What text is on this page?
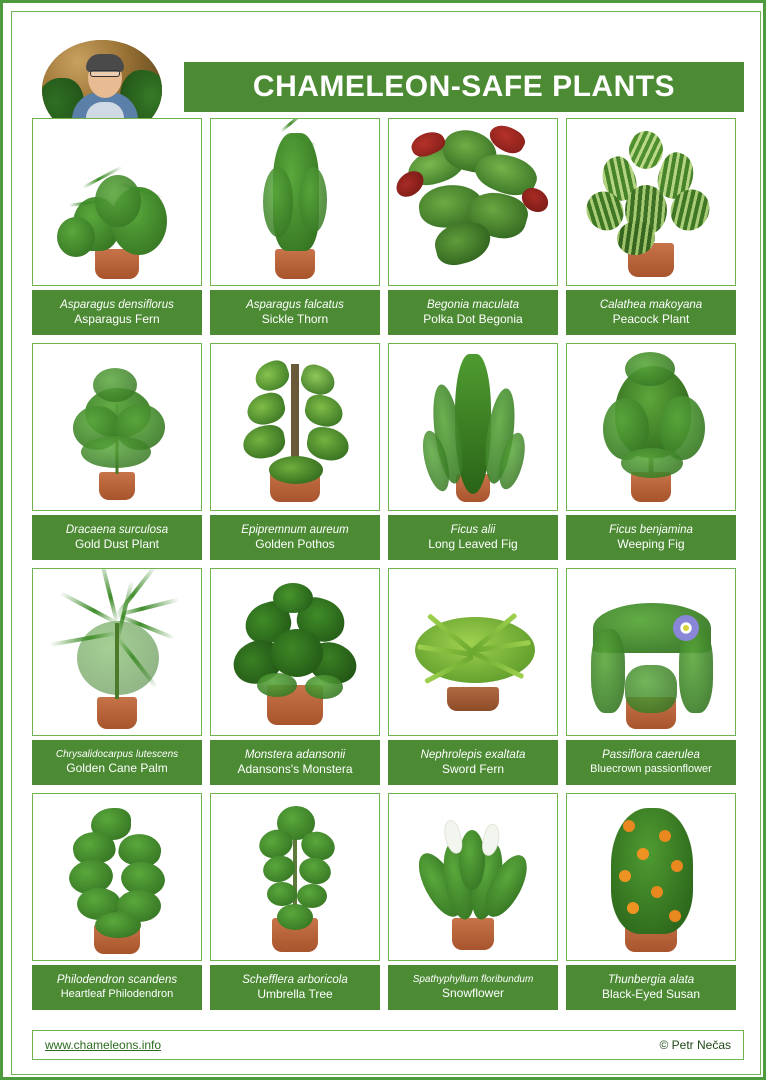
CHAMELEON-SAFE PLANTS
Asparagus densiflorus
Asparagus Fern
Asparagus falcatus
Sickle Thorn
Begonia maculata
Polka Dot Begonia
Calathea makoyana
Peacock Plant
Dracaena surculosa
Gold Dust Plant
Epipremnum aureum
Golden Pothos
Ficus alii
Long Leaved Fig
Ficus benjamina
Weeping Fig
Chrysalidocarpus lutescens
Golden Cane Palm
Monstera adansonii
Adansons's Monstera
Nephrolepis exaltata
Sword Fern
Passiflora caerulea
Bluecrown passionflower
Philodendron scandens
Heartleaf Philodendron
Schefflera arboricola
Umbrella Tree
Spathyphyllum floribundum
Snowflower
Thunbergia alata
Black-Eyed Susan
www.chameleons.info	© Petr Nečas
